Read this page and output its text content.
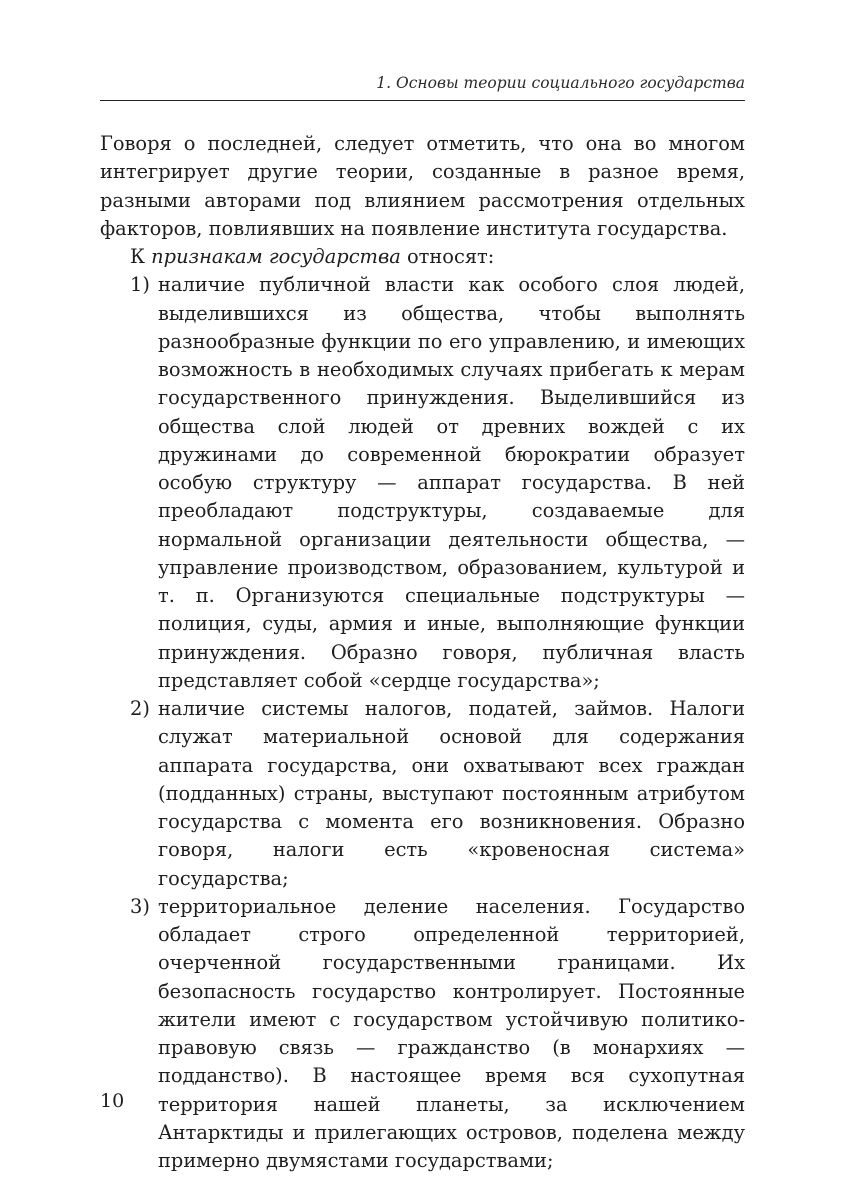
1. Основы теории социального государства

Говоря о последней, следует отметить, что она во многом интегрирует другие теории, созданные в разное время, разными авторами под влиянием рассмотрения отдельных факторов, повлиявших на появление института государства.

К признакам государства относят:

1) наличие публичной власти как особого слоя людей, выделившихся из общества, чтобы выполнять разнообразные функции по его управлению, и имеющих возможность в необходимых случаях прибегать к мерам государственного принуждения. Выделившийся из общества слой людей от древних вождей с их дружинами до современной бюрократии образует особую структуру — аппарат государства. В ней преобладают подструктуры, создаваемые для нормальной организации деятельности общества, — управление производством, образованием, культурой и т. п. Организуются специальные подструктуры — полиция, суды, армия и иные, выполняющие функции принуждения. Образно говоря, публичная власть представляет собой «сердце государства»;

2) наличие системы налогов, податей, займов. Налоги служат материальной основой для содержания аппарата государства, они охватывают всех граждан (подданных) страны, выступают постоянным атрибутом государства с момента его возникновения. Образно говоря, налоги есть «кровеносная система» государства;

3) территориальное деление населения. Государство обладает строго определенной территорией, очерченной государственными границами. Их безопасность государство контролирует. Постоянные жители имеют с государством устойчивую политико-правовую связь — гражданство (в монархиях — подданство). В настоящее время вся сухопутная территория нашей планеты, за исключением Антарктиды и прилегающих островов, поделена между примерно двумястами государствами;

10
